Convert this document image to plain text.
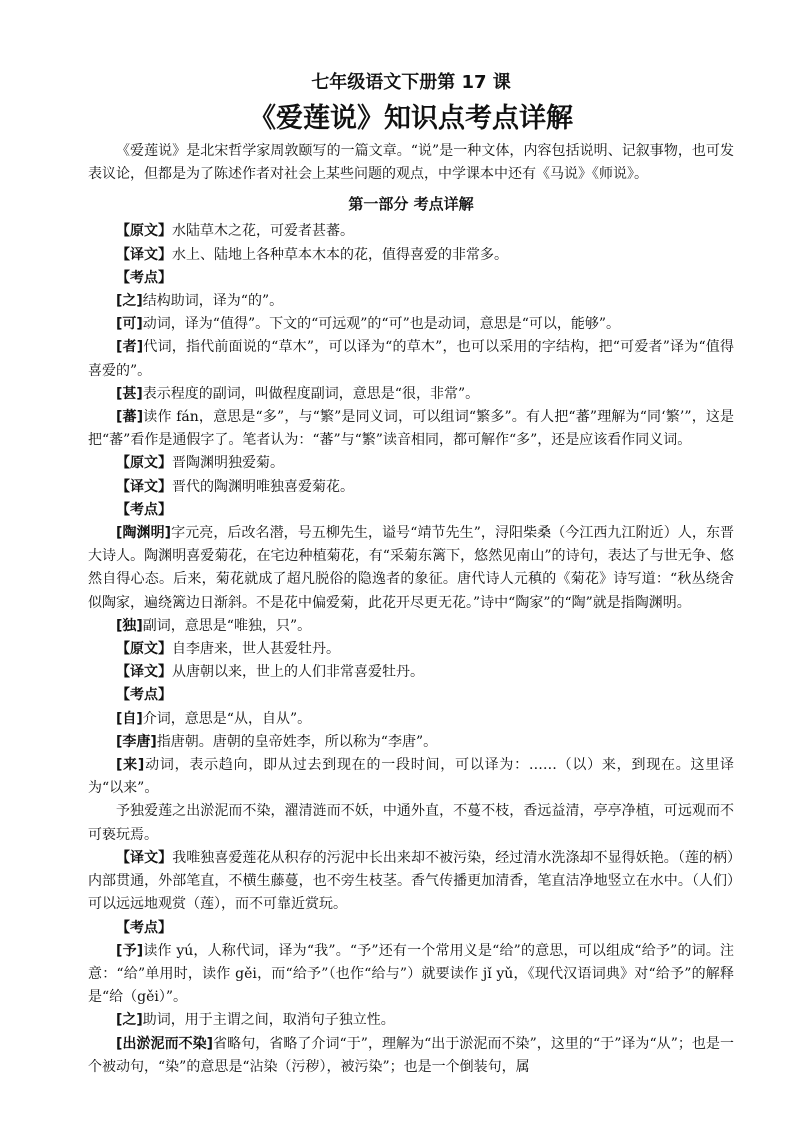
七年级语文下册第 17 课
《爱莲说》知识点考点详解

《爱莲说》是北宋哲学家周敦颐写的一篇文章。“说”是一种文体，内容包括说明、记叙事物，也可发表议论，但都是为了陈述作者对社会上某些问题的观点，中学课本中还有《马说》《师说》。

第一部分 考点详解

【原文】水陆草木之花，可爱者甚蕃。

【译文】水上、陆地上各种草本木本的花，值得喜爱的非常多。

【考点】

[之]结构助词，译为“的”。

[可]动词，译为“值得”。下文的“可远观”的“可”也是动词，意思是“可以，能够”。

[者]代词，指代前面说的“草木”，可以译为“的草木”，也可以采用的字结构，把“可爱者”译为“值得喜爱的”。

[甚]表示程度的副词，叫做程度副词，意思是“很，非常”。

[蕃]读作 fán，意思是“多”，与“繁”是同义词，可以组词“繁多”。有人把“蕃”理解为“同‘繁’”，这是把“蕃”看作是通假字了。笔者认为：“蕃”与“繁”读音相同，都可解作“多”，还是应该看作同义词。

【原文】晋陶渊明独爱菊。

【译文】晋代的陶渊明唯独喜爱菊花。

【考点】

[陶渊明]字元亮，后改名潜，号五柳先生，谥号“靖节先生”，浔阳柴桑（今江西九江附近）人，东晋大诗人。陶渊明喜爱菊花，在宅边种植菊花，有“采菊东篱下，悠然见南山”的诗句，表达了与世无争、悠然自得心态。后来，菊花就成了超凡脱俗的隐逸者的象征。唐代诗人元稹的《菊花》诗写道：“秋丛绕舍似陶家，遍绕篱边日渐斜。不是花中偏爱菊，此花开尽更无花。”诗中“陶家”的“陶”就是指陶渊明。

[独]副词，意思是“唯独，只”。

【原文】自李唐来，世人甚爱牡丹。

【译文】从唐朝以来，世上的人们非常喜爱牡丹。

【考点】

[自]介词，意思是“从，自从”。

[李唐]指唐朝。唐朝的皇帝姓李，所以称为“李唐”。

[来]动词，表示趋向，即从过去到现在的一段时间，可以译为：……（以）来，到现在。这里译为“以来”。

予独爱莲之出淤泥而不染，濯清涟而不妖，中通外直，不蔓不枝，香远益清，亭亭净植，可远观而不可亵玩焉。

【译文】我唯独喜爱莲花从积存的污泥中长出来却不被污染，经过清水洗涤却不显得妖艳。（莲的柄）内部贯通，外部笔直，不横生藤蔓，也不旁生枝茎。香气传播更加清香，笔直洁净地竖立在水中。（人们）可以远远地观赏（莲），而不可靠近赏玩。

【考点】

[予]读作 yú，人称代词，译为“我”。“予”还有一个常用义是“给”的意思，可以组成“给予”的词。注意：“给”单用时，读作 gěi，而“给予”（也作“给与”）就要读作 jǐ yǔ，《现代汉语词典》对“给予”的解释是“给（gěi）”。

[之]助词，用于主谓之间，取消句子独立性。

[出淤泥而不染]省略句，省略了介词“于”，理解为“出于淤泥而不染”，这里的“于”译为“从”；也是一个被动句，“染”的意思是“沾染（污秽），被污染”；也是一个倒装句，属
